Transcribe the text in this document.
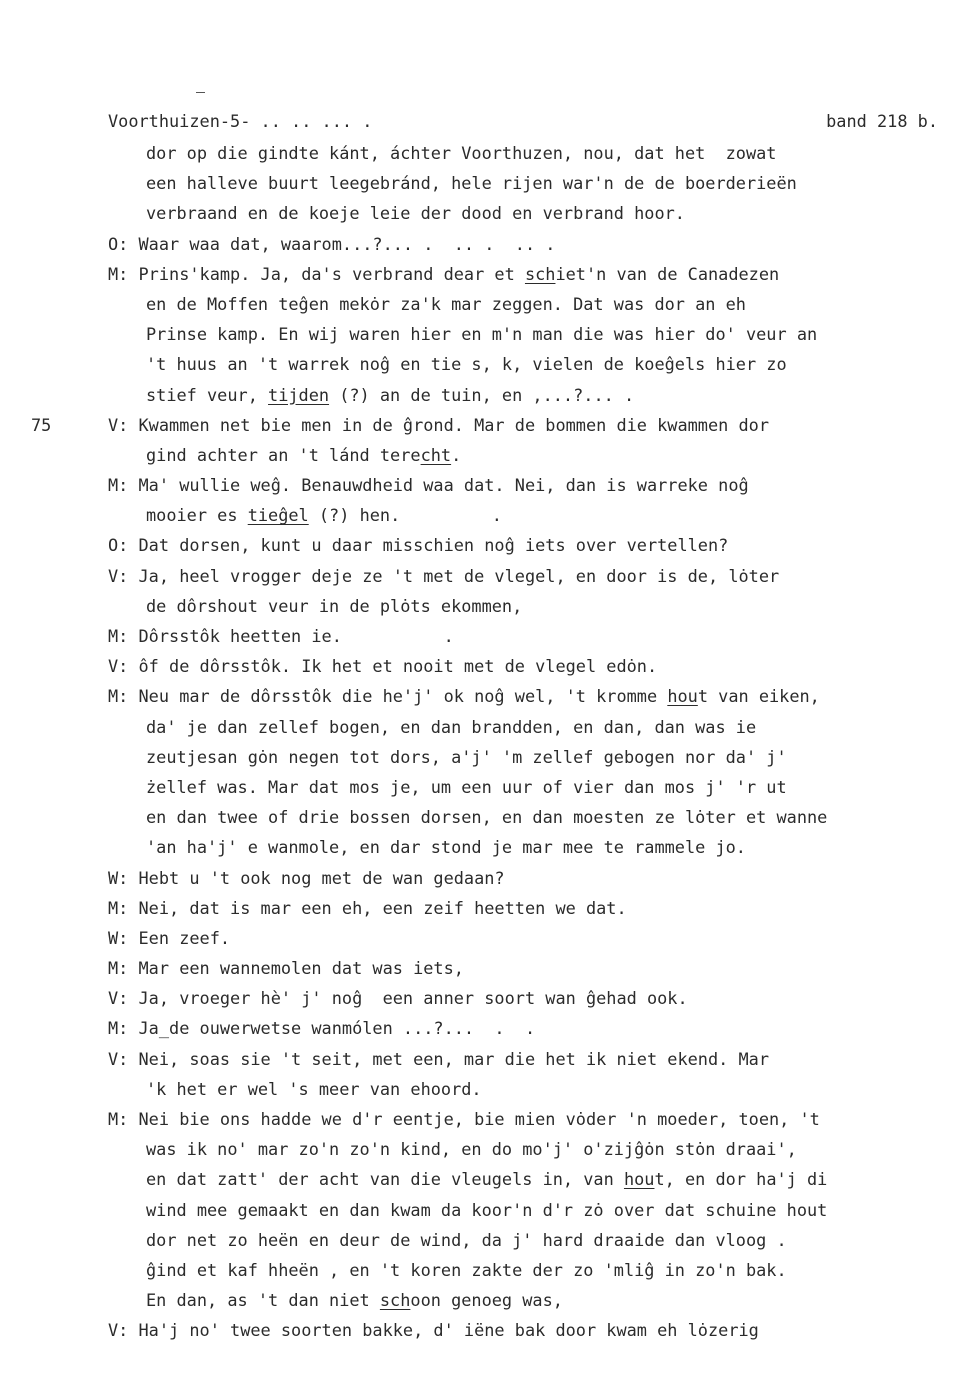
Voorthuizen-5- .. .. ... .	band 218 b.
dor op die gindte kánt, áchter Voorthuzen, nou, dat het  zowat
een halleve buurt leegebránd, hele rijen war'n de de boerderieën
verbraand en de koeje leie der dood en verbrand hoor.
O: Waar waa dat, waarom...?... .  .. .  .. .
M: Prins'kamp. Ja, da's verbrand dear et schiet'n van de Canadezen
en de Moffen teĝen mekȯr za'k mar zeggen. Dat was dor an eh
Prinse kamp. En wij waren hier en m'n man die was hier do' veur an
't huus an 't warrek noĝ en tie s, k, vielen de koeĝels hier zo
stief veur, tijden (?) an de tuin, en ,...?... .
75	V: Kwammen net bie men in de ĝrond. Mar de bommen die kwammen dor
gind achter an 't lánd terecht.
M: Ma' wullie weĝ. Benauwdheid waa dat. Nei, dan is warreke noĝ
mooier es tieĝel (?) hen.         .
O: Dat dorsen, kunt u daar misschien noĝ iets over vertellen?
V: Ja, heel vrogger deje ze 't met de vlegel, en door is de, lȯter
de dôrshout veur in de plȯts ekommen,
M: Dôrsstôk heetten ie.          .
V: ôf de dôrsstôk. Ik het et nooit met de vlegel edȯn.
M: Neu mar de dôrsstôk die he'j' ok noĝ wel, 't kromme hout van eiken,
da' je dan zellef bogen, en dan brandden, en dan, dan was ie
zeutjesan gȯn negen tot dors, a'j' 'm zellef gebogen nor da' j'
żellef was. Mar dat mos je, um een uur of vier dan mos j' 'r ut
en dan twee of drie bossen dorsen, en dan moesten ze lȯter et wanne
'an ha'j' e wanmole, en dar stond je mar mee te rammele jo.
W: Hebt u 't ook nog met de wan gedaan?
M: Nei, dat is mar een eh, een zeif heetten we dat.
W: Een zeef.
M: Mar een wannemolen dat was iets,
V: Ja, vroeger hè' j' noĝ  een anner soort wan ĝehad ook.
M: Ja_de ouwerwetse wanmólen ...?...  .  .
V: Nei, soas sie 't seit, met een, mar die het ik niet ekend. Mar
'k het er wel 's meer van ehoord.
M: Nei bie ons hadde we d'r eentje, bie mien vȯder 'n moeder, toen, 't
was ik no' mar zo'n zo'n kind, en do mo'j' o'zijĝȯn stȯn draai',
en dat zatt' der acht van die vleugels in, van hout, en dor ha'j di
wind mee gemaakt en dan kwam da koor'n d'r zȯ over dat schuine hout
dor net zo heën en deur de wind, da j' hard draaide dan vloog .
ĝind et kaf hheën , en 't koren zakte der zo 'mliĝ in zo'n bak.
En dan, as 't dan niet schoon genoeg was,
V: Ha'j no' twee soorten bakke, d' iëne bak door kwam eh lȯzerig
